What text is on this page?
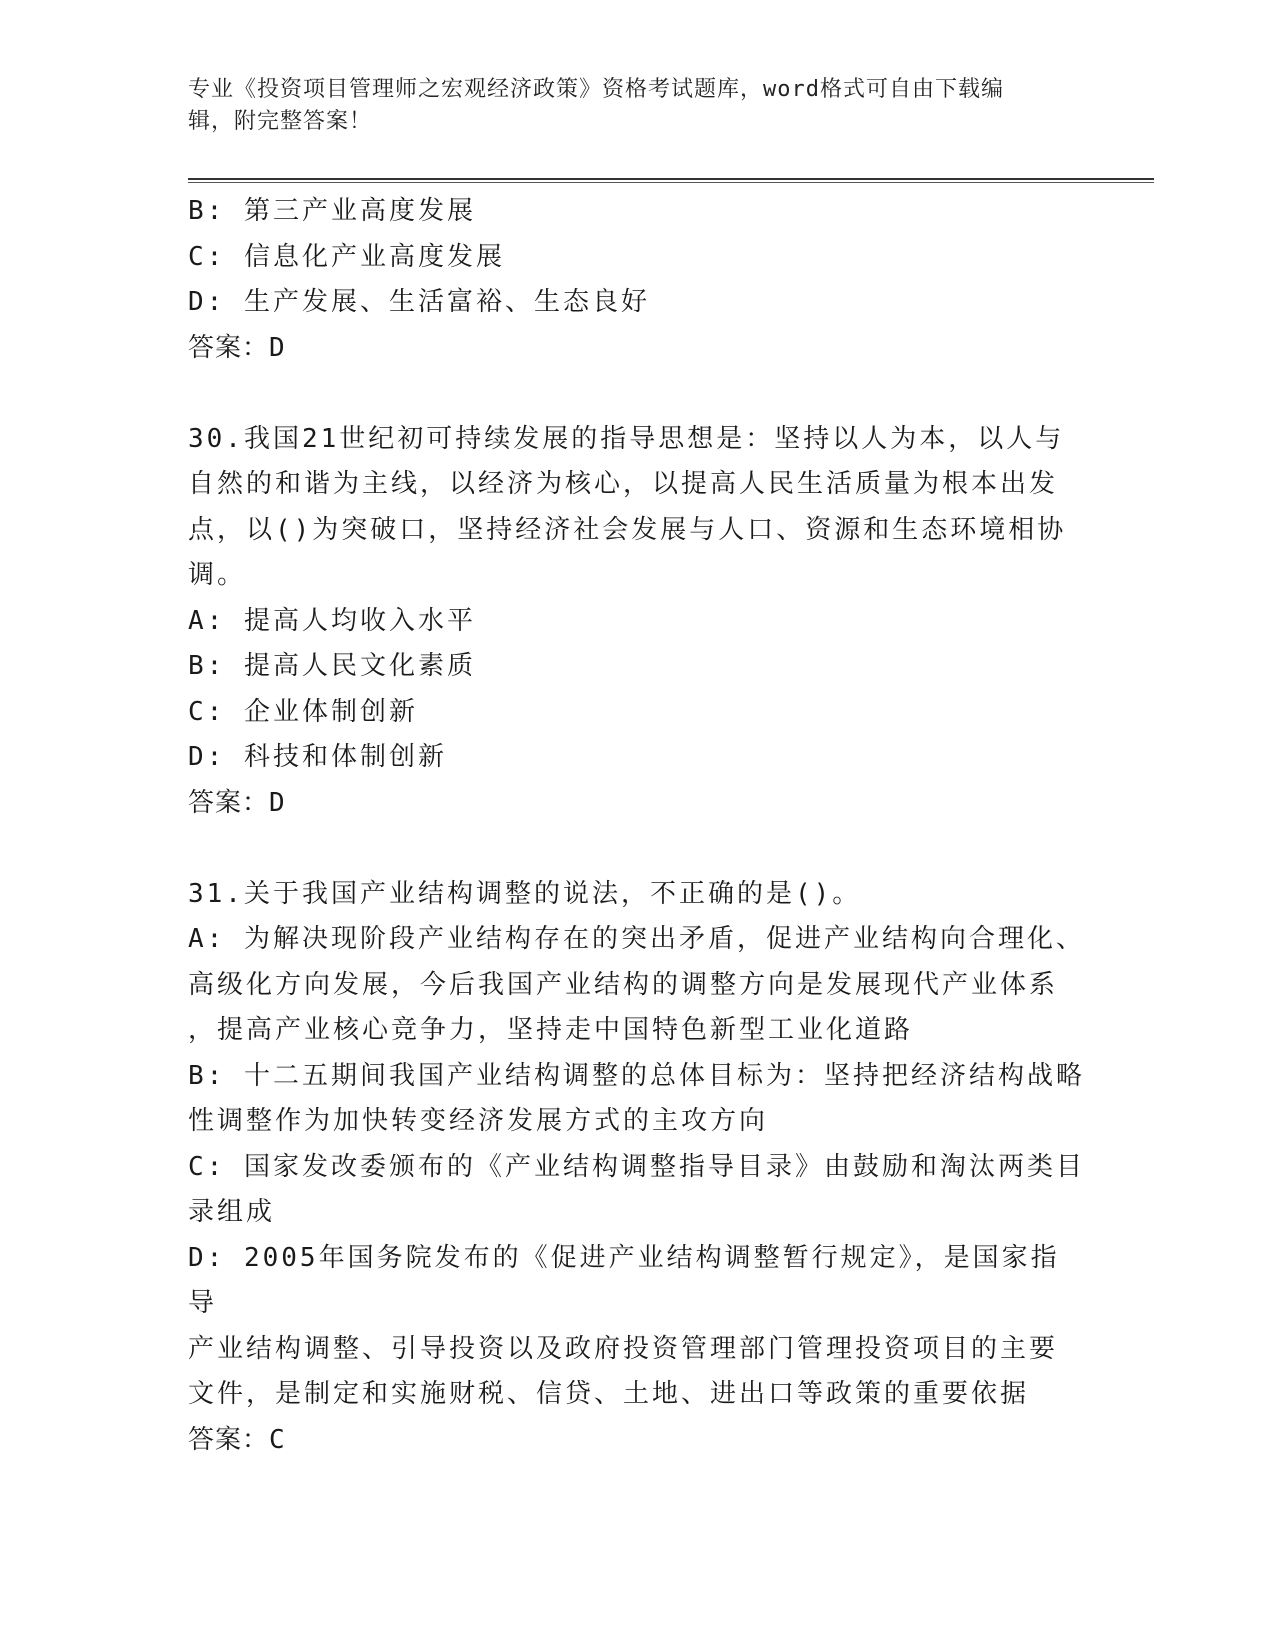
专业《投资项目管理师之宏观经济政策》资格考试题库，word格式可自由下载编
辑，附完整答案！
B: 第三产业高度发展
C: 信息化产业高度发展
D: 生产发展、生活富裕、生态良好
答案：D
30.我国21世纪初可持续发展的指导思想是：坚持以人为本，以人与
自然的和谐为主线，以经济为核心，以提高人民生活质量为根本出发
点，以()为突破口，坚持经济社会发展与人口、资源和生态环境相协
调。
A: 提高人均收入水平
B: 提高人民文化素质
C: 企业体制创新
D: 科技和体制创新
答案：D
31.关于我国产业结构调整的说法，不正确的是()。
A: 为解决现阶段产业结构存在的突出矛盾，促进产业结构向合理化、
高级化方向发展，今后我国产业结构的调整方向是发展现代产业体系
，提高产业核心竞争力，坚持走中国特色新型工业化道路
B: 十二五期间我国产业结构调整的总体目标为：坚持把经济结构战略
性调整作为加快转变经济发展方式的主攻方向
C: 国家发改委颁布的《产业结构调整指导目录》由鼓励和淘汰两类目
录组成
D: 2005年国务院发布的《促进产业结构调整暂行规定》，是国家指导
产业结构调整、引导投资以及政府投资管理部门管理投资项目的主要
文件，是制定和实施财税、信贷、土地、进出口等政策的重要依据
答案：C
